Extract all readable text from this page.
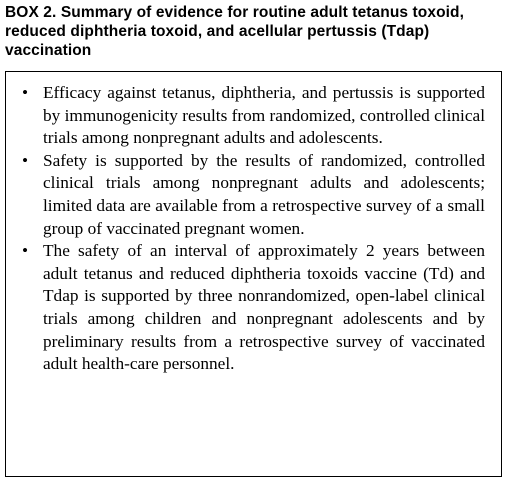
BOX 2. Summary of evidence for routine adult tetanus toxoid, reduced diphtheria toxoid, and acellular pertussis (Tdap) vaccination
• Efficacy against tetanus, diphtheria, and pertussis is supported by immunogenicity results from randomized, controlled clinical trials among nonpregnant adults and adolescents.
• Safety is supported by the results of randomized, controlled clinical trials among nonpregnant adults and adolescents; limited data are available from a retrospective survey of a small group of vaccinated pregnant women.
• The safety of an interval of approximately 2 years between adult tetanus and reduced diphtheria toxoids vaccine (Td) and Tdap is supported by three nonrandomized, open-label clinical trials among children and nonpregnant adolescents and by preliminary results from a retrospective survey of vaccinated adult health-care personnel.
